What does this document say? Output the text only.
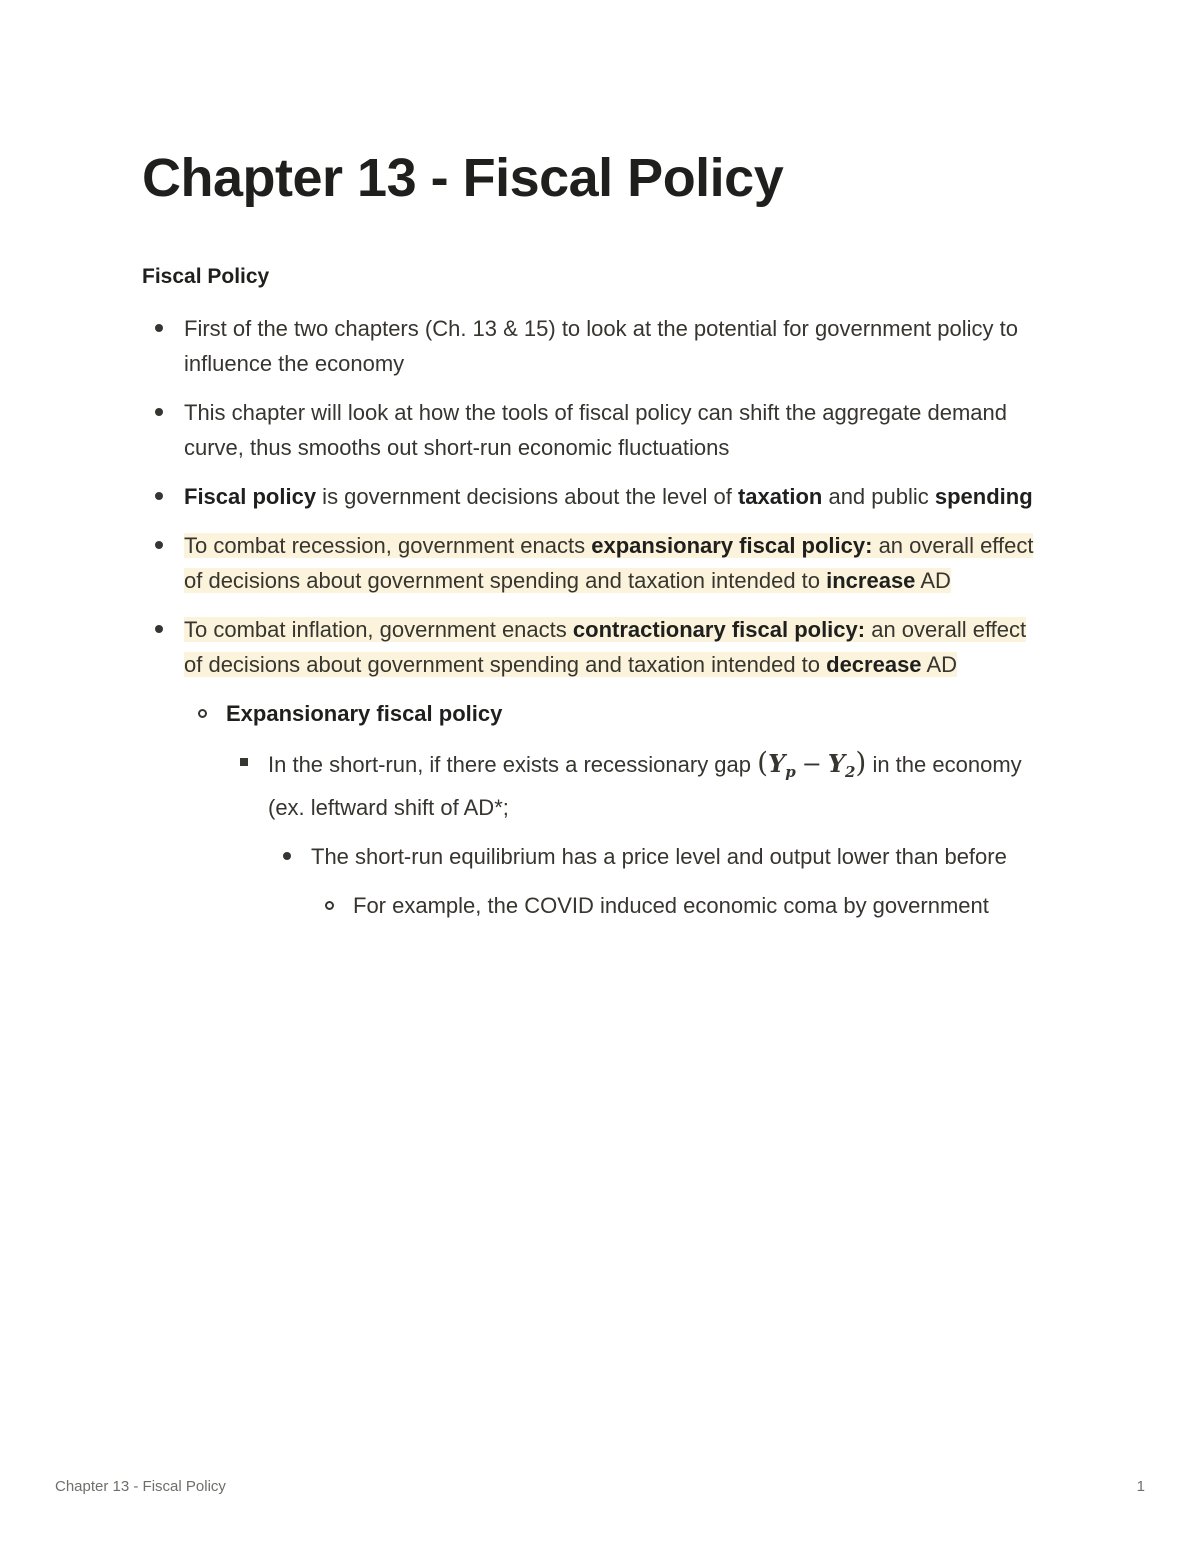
Chapter 13 - Fiscal Policy
Fiscal Policy
First of the two chapters (Ch. 13 & 15) to look at the potential for government policy to influence the economy
This chapter will look at how the tools of fiscal policy can shift the aggregate demand curve, thus smooths out short-run economic fluctuations
Fiscal policy is government decisions about the level of taxation and public spending
To combat recession, government enacts expansionary fiscal policy: an overall effect of decisions about government spending and taxation intended to increase AD
To combat inflation, government enacts contractionary fiscal policy: an overall effect of decisions about government spending and taxation intended to decrease AD
Expansionary fiscal policy
In the short-run, if there exists a recessionary gap $(Y_p - Y_2)$ in the economy (ex. leftward shift of AD*;
The short-run equilibrium has a price level and output lower than before
For example, the COVID induced economic coma by government
Chapter 13 - Fiscal Policy	1
